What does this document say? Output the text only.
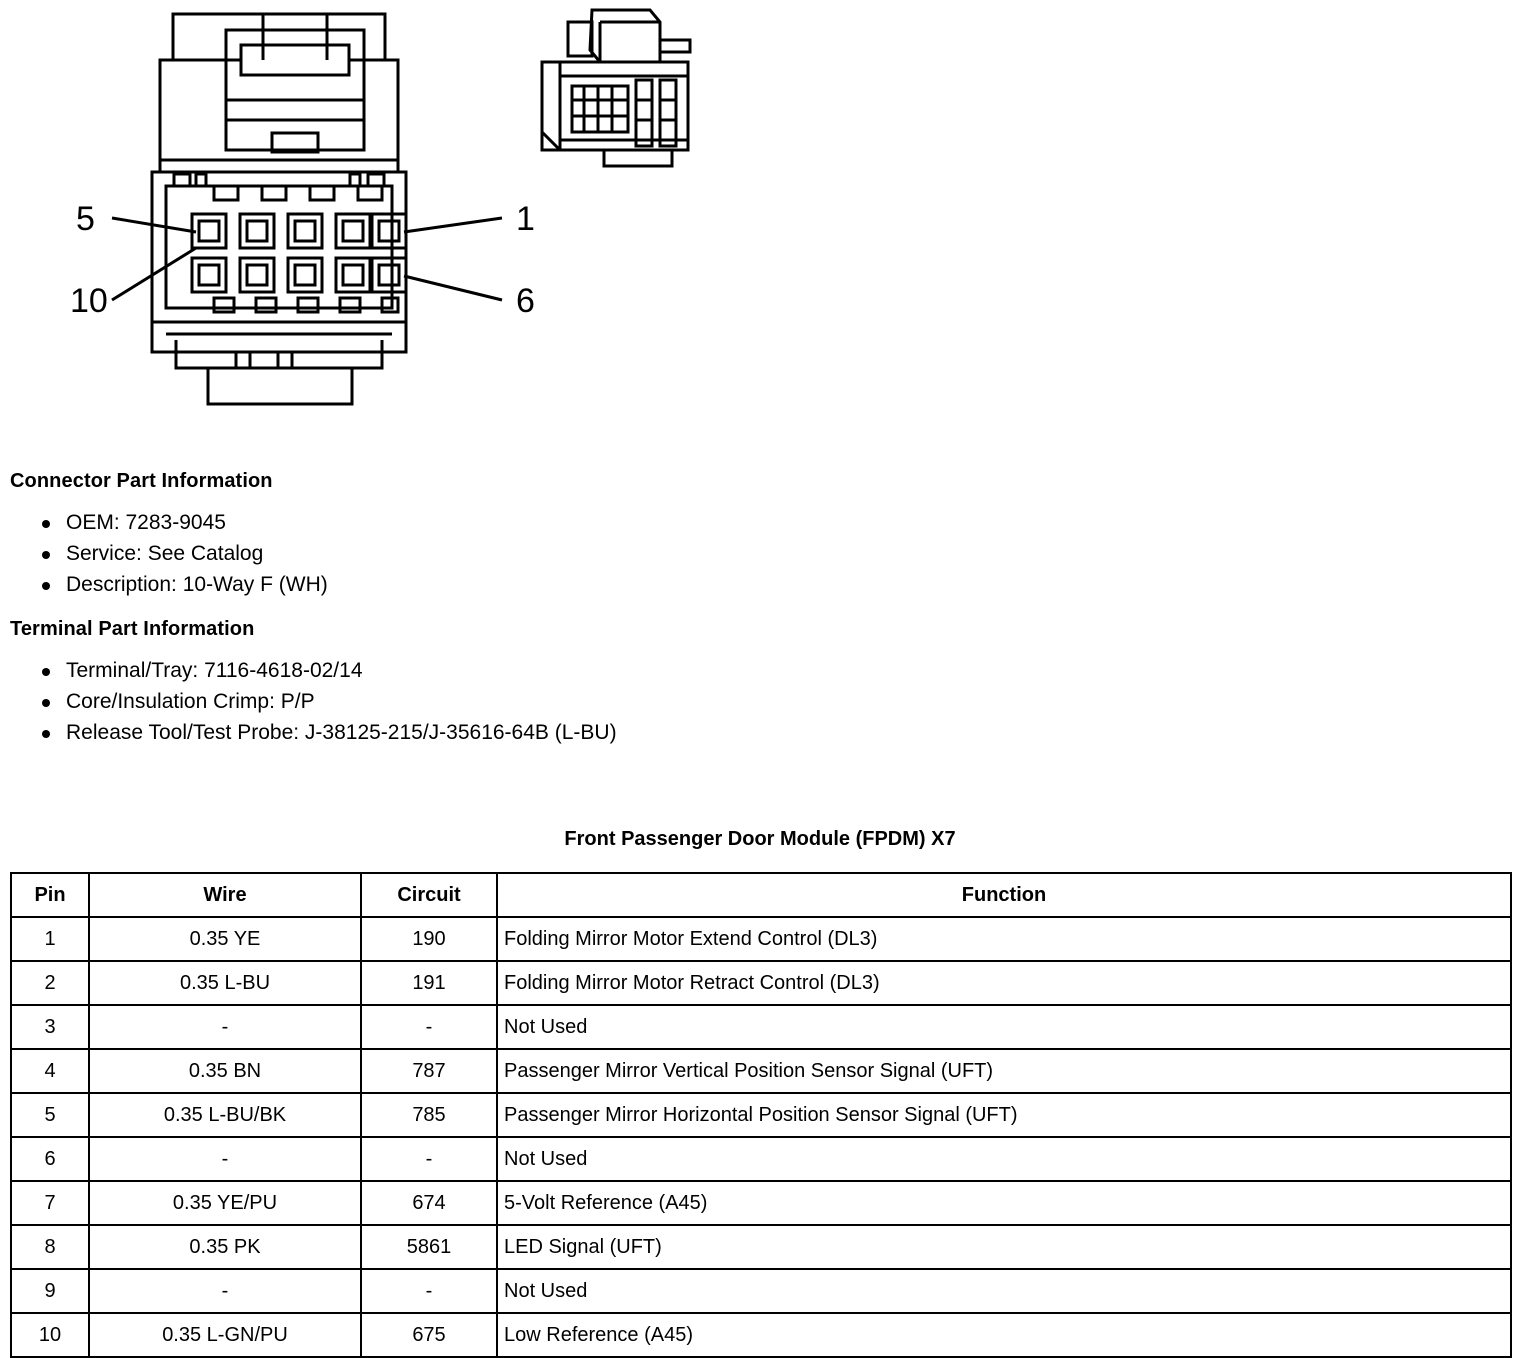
5
10
1
6
Connector Part Information
OEM: 7283-9045
Service: See Catalog
Description: 10-Way F (WH)
Terminal Part Information
Terminal/Tray: 7116-4618-02/14
Core/Insulation Crimp: P/P
Release Tool/Test Probe: J-38125-215/J-35616-64B (L-BU)
Front Passenger Door Module (FPDM) X7
Pin	Wire	Circuit	Function
1	0.35 YE	190	Folding Mirror Motor Extend Control (DL3)
2	0.35 L-BU	191	Folding Mirror Motor Retract Control (DL3)
3	-	-	Not Used
4	0.35 BN	787	Passenger Mirror Vertical Position Sensor Signal (UFT)
5	0.35 L-BU/BK	785	Passenger Mirror Horizontal Position Sensor Signal (UFT)
6	-	-	Not Used
7	0.35 YE/PU	674	5-Volt Reference (A45)
8	0.35 PK	5861	LED Signal (UFT)
9	-	-	Not Used
10	0.35 L-GN/PU	675	Low Reference (A45)
